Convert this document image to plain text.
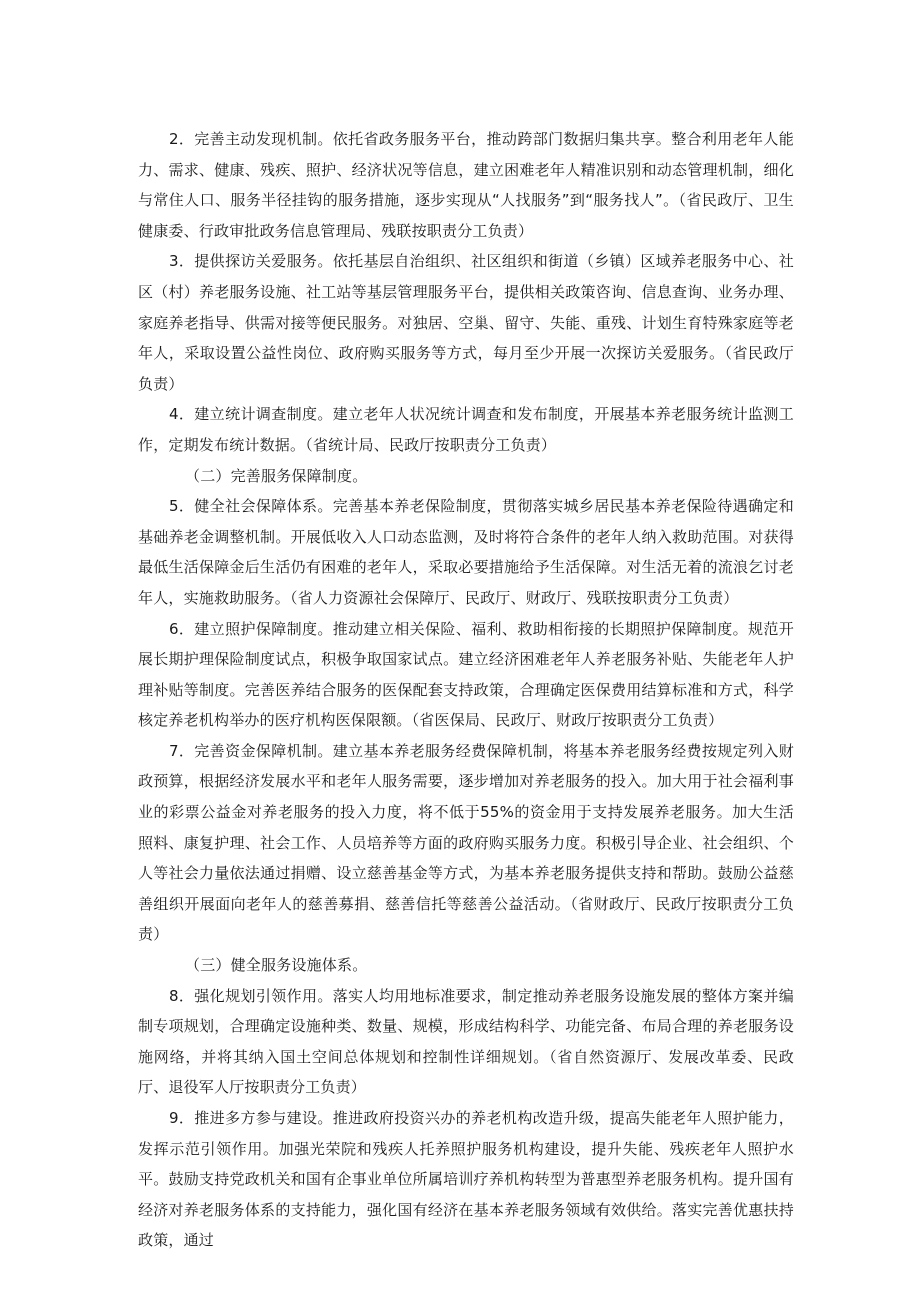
2．完善主动发现机制。依托省政务服务平台，推动跨部门数据归集共享。整合利用老年人能力、需求、健康、残疾、照护、经济状况等信息，建立困难老年人精准识别和动态管理机制，细化与常住人口、服务半径挂钩的服务措施，逐步实现从“人找服务”到“服务找人”。（省民政厅、卫生健康委、行政审批政务信息管理局、残联按职责分工负责）

3．提供探访关爱服务。依托基层自治组织、社区组织和街道（乡镇）区域养老服务中心、社区（村）养老服务设施、社工站等基层管理服务平台，提供相关政策咨询、信息查询、业务办理、家庭养老指导、供需对接等便民服务。对独居、空巢、留守、失能、重残、计划生育特殊家庭等老年人，采取设置公益性岗位、政府购买服务等方式，每月至少开展一次探访关爱服务。（省民政厅负责）

4．建立统计调查制度。建立老年人状况统计调查和发布制度，开展基本养老服务统计监测工作，定期发布统计数据。（省统计局、民政厅按职责分工负责）

（二）完善服务保障制度。

5．健全社会保障体系。完善基本养老保险制度，贯彻落实城乡居民基本养老保险待遇确定和基础养老金调整机制。开展低收入人口动态监测，及时将符合条件的老年人纳入救助范围。对获得最低生活保障金后生活仍有困难的老年人，采取必要措施给予生活保障。对生活无着的流浪乞讨老年人，实施救助服务。（省人力资源社会保障厅、民政厅、财政厅、残联按职责分工负责）

6．建立照护保障制度。推动建立相关保险、福利、救助相衔接的长期照护保障制度。规范开展长期护理保险制度试点，积极争取国家试点。建立经济困难老年人养老服务补贴、失能老年人护理补贴等制度。完善医养结合服务的医保配套支持政策，合理确定医保费用结算标准和方式，科学核定养老机构举办的医疗机构医保限额。（省医保局、民政厅、财政厅按职责分工负责）

7．完善资金保障机制。建立基本养老服务经费保障机制，将基本养老服务经费按规定列入财政预算，根据经济发展水平和老年人服务需要，逐步增加对养老服务的投入。加大用于社会福利事业的彩票公益金对养老服务的投入力度，将不低于55%的资金用于支持发展养老服务。加大生活照料、康复护理、社会工作、人员培养等方面的政府购买服务力度。积极引导企业、社会组织、个人等社会力量依法通过捐赠、设立慈善基金等方式，为基本养老服务提供支持和帮助。鼓励公益慈善组织开展面向老年人的慈善募捐、慈善信托等慈善公益活动。（省财政厅、民政厅按职责分工负责）

（三）健全服务设施体系。

8．强化规划引领作用。落实人均用地标准要求，制定推动养老服务设施发展的整体方案并编制专项规划，合理确定设施种类、数量、规模，形成结构科学、功能完备、布局合理的养老服务设施网络，并将其纳入国土空间总体规划和控制性详细规划。（省自然资源厅、发展改革委、民政厅、退役军人厅按职责分工负责）

9．推进多方参与建设。推进政府投资兴办的养老机构改造升级，提高失能老年人照护能力，发挥示范引领作用。加强光荣院和残疾人托养照护服务机构建设，提升失能、残疾老年人照护水平。鼓励支持党政机关和国有企事业单位所属培训疗养机构转型为普惠型养老服务机构。提升国有经济对养老服务体系的支持能力，强化国有经济在基本养老服务领域有效供给。落实完善优惠扶持政策，通过
